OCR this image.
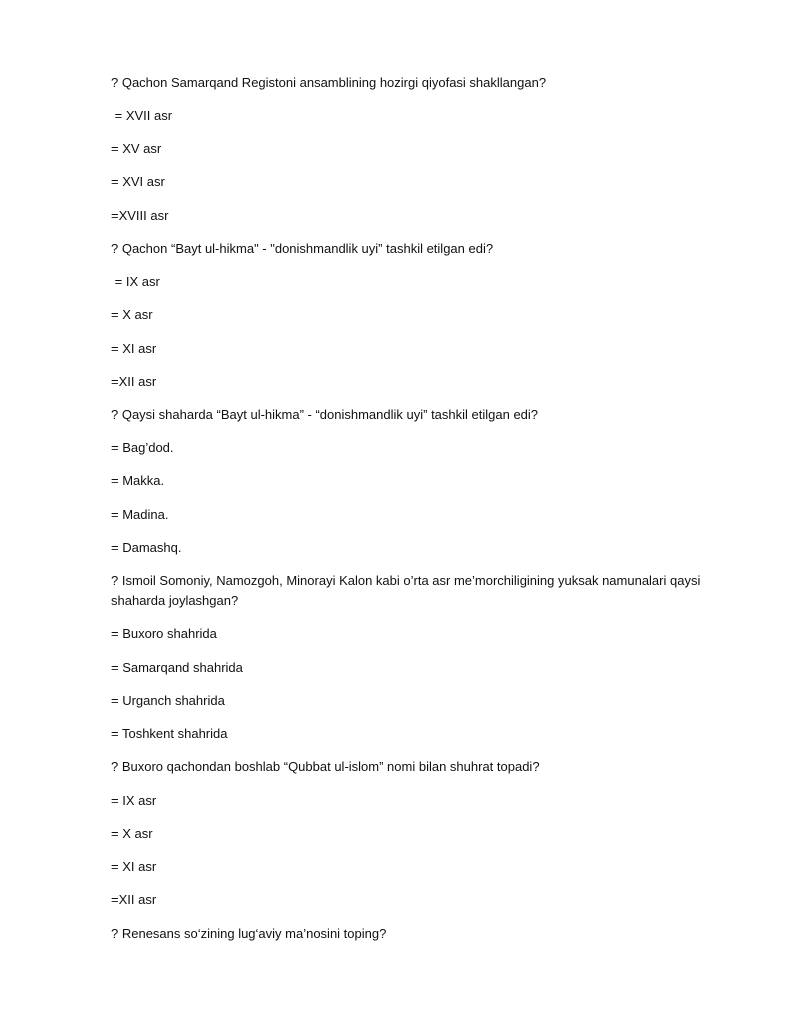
? Qachon Samarqand Registoni ansamblining hozirgi qiyofasi shakllangan?

= XVII asr

= XV asr

= XVI asr

=XVIII asr

? Qachon “Bayt ul-hikma" - "donishmandlik uyi” tashkil etilgan edi?

= IX asr

= X asr

= XI asr

=XII asr

? Qaysi shaharda “Bayt ul-hikma” - “donishmandlik uyi” tashkil etilgan edi?

= Bag’dod.

= Makka.

= Madina.

= Damashq.

? Ismoil Somoniy, Namozgoh, Minorayi Kalon kabi o’rta asr me’morchiligining yuksak namunalari qaysi shaharda joylashgan?

= Buxoro shahrida

= Samarqand shahrida

= Urganch shahrida

= Toshkent shahrida

? Buxoro qachondan boshlab “Qubbat ul-islom” nomi bilan shuhrat topadi?

= IX asr

= X asr

= XI asr

=XII asr

? Renesans so‘zining lug‘aviy ma’nosini toping?
